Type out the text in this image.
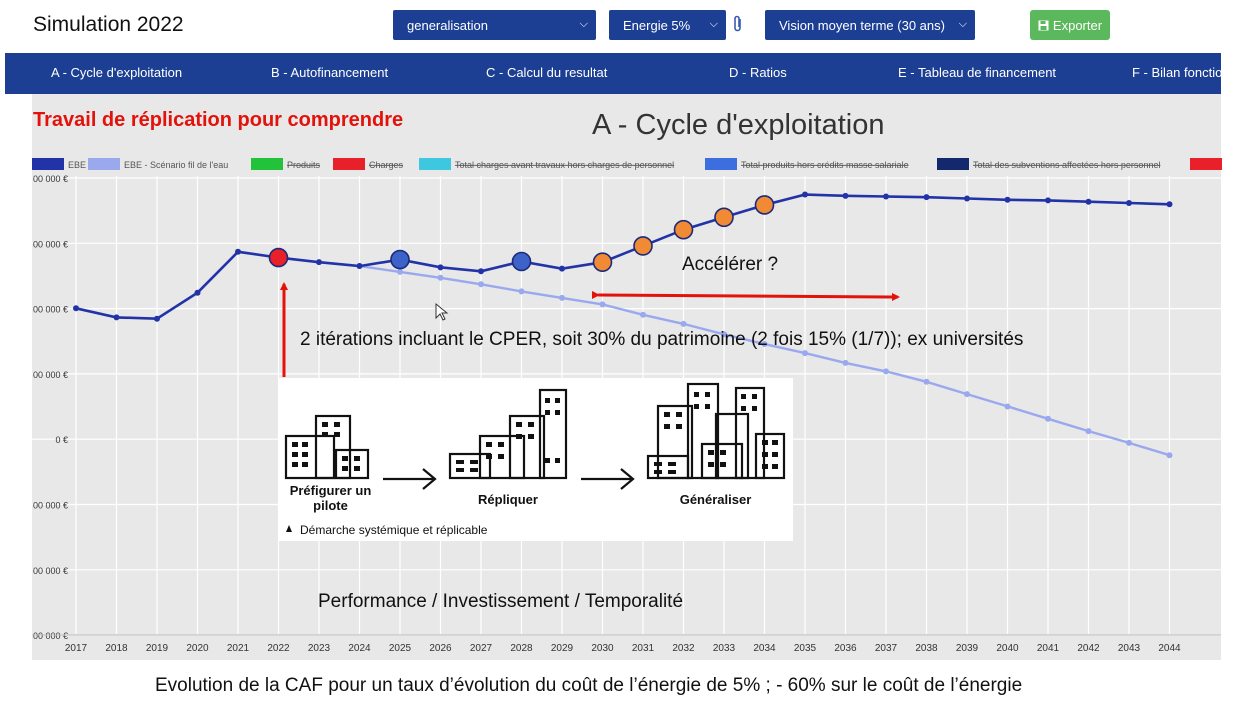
Simulation 2022	generalisation	⌵	Energie 5% ⌵	Vision moyen terme (30 ans) ⌵	Exporter
A - Cycle d'exploitation	B - Autofinancement	C - Calcul du resultat	D - Ratios	E - Tableau de financement	F - Bilan fonctionnel
EBE	EBE - Scénario fil de l'eau	Produits	Charges	Total charges avant travaux hors charges de personnel	Total produits hors crédits masse salariale	Total des subventions affectées hors personnel
00 000 €
00 000 €
00 000 €
00 000 €
0 €
00 000 €
00 000 €
00 000 €
2017 2018 2019 2020 2021 2022 2023 2024 2025 2026 2027 2028 2029 2030 2031 2032 2033 2034 2035 2036 2037 2038 2039 2040 2041 2042 2043 2044
A - Cycle d'exploitation
Travail de réplication pour comprendre
Accélérer ?
2 itérations incluant le CPER, soit 30% du patrimoine (2 fois 15% (1/7)); ex universités
Performance / Investissement / Temporalité
Préfigurer un pilote	Répliquer	Généraliser
Démarche systémique et réplicable
Evolution de la CAF pour un taux d’évolution du coût de l’énergie de 5% ; - 60% sur le coût de l’énergie
